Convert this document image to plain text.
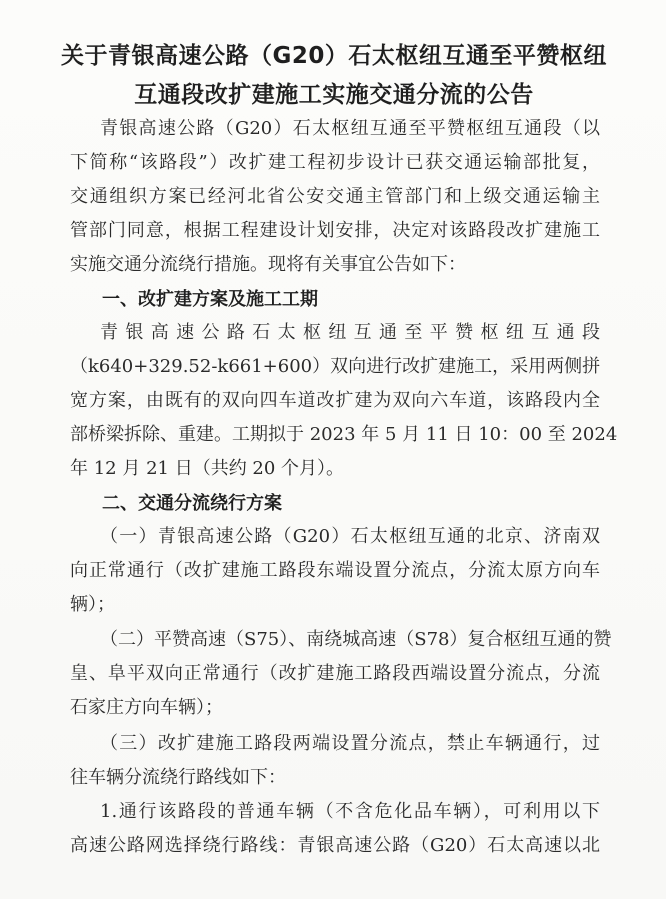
关于青银高速公路（G20）石太枢纽互通至平赞枢纽
互通段改扩建施工实施交通分流的公告
青银高速公路（G20）石太枢纽互通至平赞枢纽互通段（以
下简称“该路段”）改扩建工程初步设计已获交通运输部批复，
交通组织方案已经河北省公安交通主管部门和上级交通运输主
管部门同意，根据工程建设计划安排，决定对该路段改扩建施工
实施交通分流绕行措施。现将有关事宜公告如下：
一、改扩建方案及施工工期
青银高速公路石太枢纽互通至平赞枢纽互通段
（k640+329.52-k661+600）双向进行改扩建施工，采用两侧拼
宽方案，由既有的双向四车道改扩建为双向六车道，该路段内全
部桥梁拆除、重建。工期拟于 2023 年 5 月 11 日 10：00 至 2024
年 12 月 21 日（共约 20 个月）。
二、交通分流绕行方案
（一）青银高速公路（G20）石太枢纽互通的北京、济南双
向正常通行（改扩建施工路段东端设置分流点，分流太原方向车
辆）；
（二）平赞高速（S75）、南绕城高速（S78）复合枢纽互通的赞
皇、阜平双向正常通行（改扩建施工路段西端设置分流点，分流
石家庄方向车辆）；
（三）改扩建施工路段两端设置分流点，禁止车辆通行，过
往车辆分流绕行路线如下：
1.通行该路段的普通车辆（不含危化品车辆），可利用以下
高速公路网选择绕行路线：青银高速公路（G20）石太高速以北
